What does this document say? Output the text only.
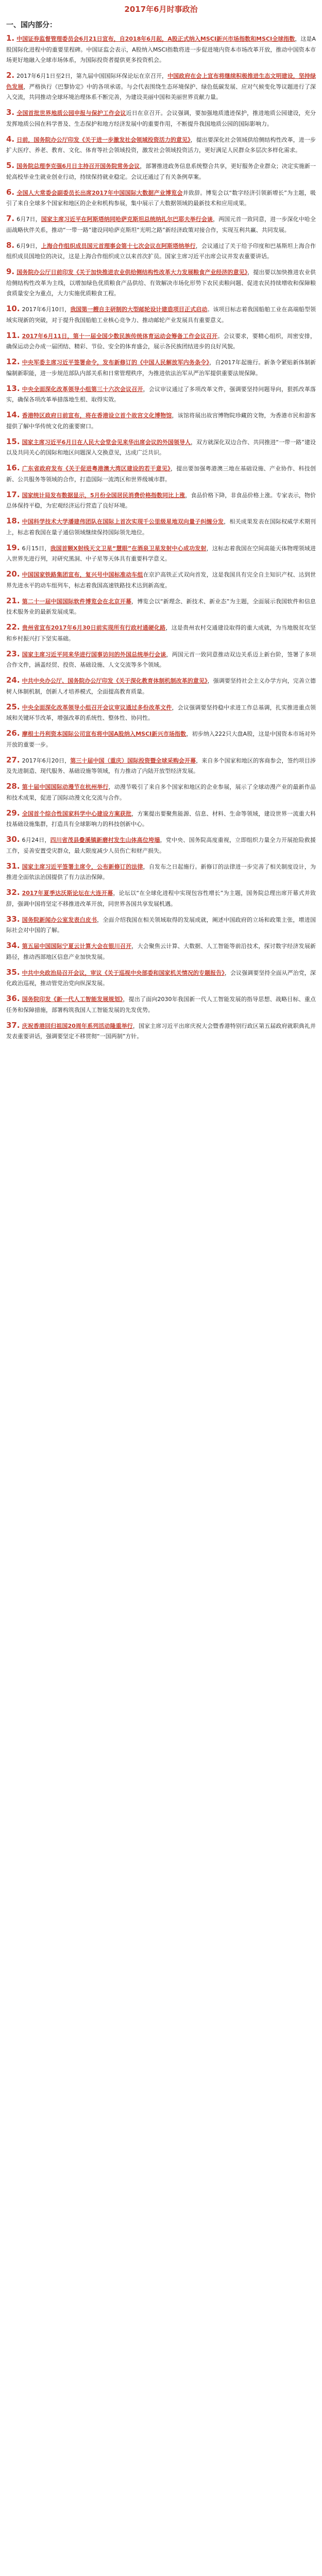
2017年6月时事政治
一、国内部分：

1. 中国证券监督管理委员会6月21日宣布，自2018年6月起，A股正式纳入MSCI新兴市场指数和MSCI全球指数，这是A股国际化进程中的重要里程碑。中国证监会表示，A股纳入MSCI指数将进一步促进境内资本市场改革开放，推动中国资本市场更好地融入全球市场体系，为国际投资者提供更多投资机会。

2. 2017年6月1日至2日，第九届中国国际环保论坛在京召开，中国政府在会上宣布将继续积极推进生态文明建设，坚持绿色发展，严格执行《巴黎协定》中的各项承诺。与会代表围绕生态环境保护、绿色低碳发展、应对气候变化等议题进行了深入交流，共同推动全球环境治理体系不断完善，为建设美丽中国和美丽世界贡献力量。

3. 全国首批世界地质公园申报与保护工作会议近日在京召开。会议强调，要加强地质遗迹保护，推进地质公园建设，充分发挥地质公园在科学普及、生态保护和地方经济发展中的重要作用，不断提升我国地质公园的国际影响力。

4. 日前，国务院办公厅印发《关于进一步激发社会领域投资活力的意见》，提出要深化社会领域供给侧结构性改革，进一步扩大医疗、养老、教育、文化、体育等社会领域投资，激发社会领域投资活力，更好满足人民群众多层次多样化需求。

5. 国务院总理李克强6月日主持召开国务院常务会议，部署推进政务信息系统整合共享，更好服务企业群众；决定实施新一轮高校毕业生就业创业行动，持续保持就业稳定。会议还通过了有关条例草案。

6. 全国人大常委会副委员长出席2017年中国国际大数据产业博览会并致辞。博览会以“数字经济引领新增长”为主题，吸引了来自全球多个国家和地区的企业和机构参展，集中展示了大数据领域的最新技术和应用成果。

7. 6月7日，国家主席习近平在阿斯塔纳同哈萨克斯坦总统纳扎尔巴耶夫举行会谈，两国元首一致同意，进一步深化中哈全面战略伙伴关系，推动“一带一路”建设同哈萨克斯坦“光明之路”新经济政策对接合作，实现互利共赢、共同发展。

8. 6月9日，上海合作组织成员国元首理事会第十七次会议在阿斯塔纳举行，会议通过了关于给予印度和巴基斯坦上海合作组织成员国地位的决议，这是上海合作组织成立以来首次扩员。国家主席习近平出席会议并发表重要讲话。

9. 国务院办公厅日前印发《关于加快推进农业供给侧结构性改革大力发展粮食产业经济的意见》，提出要以加快推进农业供给侧结构性改革为主线，以增加绿色优质粮食产品供给、有效解决市场化形势下农民卖粮问题、促进农民持续增收和保障粮食质量安全为重点，大力实施优质粮食工程。

10. 2017年6月10日，我国第一艘自主研制的大型邮轮设计建造项目正式启动。该项目标志着我国船舶工业在高端船型领域实现新的突破，对于提升我国船舶工业核心竞争力、推动邮轮产业发展具有重要意义。

11. 2017年6月11日，第十一届全国少数民族传统体育运动会筹备工作会议召开。会议要求，要精心组织，周密安排，确保运动会办成一届团结、精彩、节俭、安全的体育盛会，展示各民族团结进步的良好风貌。

12. 中央军委主席习近平签署命令，发布新修订的《中国人民解放军内务条令》，自2017年起施行。新条令紧贴新体制新编制新职能，进一步规范部队内部关系和日常管理秩序，为推进依法治军从严治军提供重要法规保障。

13. 中央全面深化改革领导小组第三十六次会议召开，会议审议通过了多项改革文件，强调要坚持问题导向，狠抓改革落实，确保各项改革举措落地生根、取得实效。

14. 香港特区政府日前宣布，将在香港设立首个故宫文化博物馆，该馆将展出故宫博物院珍藏的文物，为香港市民和游客提供了解中华传统文化的重要窗口。

15. 国家主席习近平6月日在人民大会堂会见来华出席会议的外国领导人，双方就深化双边合作、共同推进“一带一路”建设以及共同关心的国际和地区问题深入交换意见，达成广泛共识。

16. 广东省政府发布《关于促进粤港澳大湾区建设的若干意见》，提出要加强粤港澳三地在基础设施、产业协作、科技创新、公共服务等领域的合作，打造国际一流湾区和世界级城市群。

17. 国家统计局发布数据显示，5月份全国居民消费价格指数同比上涨，食品价格下降，非食品价格上涨。专家表示，物价总体保持平稳，为宏观经济运行营造了良好环境。

18. 中国科学技术大学潘建伟团队在国际上首次实现千公里级星地双向量子纠缠分发，相关成果发表在国际权威学术期刊上，标志着我国在量子通信领域继续保持国际领先地位。

19. 6月15日，我国首颗X射线天文卫星“慧眼”在酒泉卫星发射中心成功发射，这标志着我国在空间高能天体物理领域进入世界先进行列，对研究黑洞、中子星等天体具有重要科学意义。

20. 中国国家铁路集团宣布，复兴号中国标准动车组在京沪高铁正式双向首发，这是我国具有完全自主知识产权、达到世界先进水平的动车组列车，标志着我国高速铁路技术达到新高度。

21. 第二十一届中国国际软件博览会在北京开幕，博览会以“新理念、新技术、新业态”为主题，全面展示我国软件和信息技术服务业的最新发展成果。

22. 贵州省宣布2017年6月30日前实现所有行政村通硬化路，这是贵州农村交通建设取得的重大成就，为当地脱贫攻坚和乡村振兴打下坚实基础。

23. 国家主席习近平同来华进行国事访问的外国总统举行会谈，两国元首一致同意推动双边关系迈上新台阶，签署了多项合作文件，涵盖经贸、投资、基础设施、人文交流等多个领域。

24. 中共中央办公厅、国务院办公厅印发《关于深化教育体制机制改革的意见》，强调要坚持社会主义办学方向，完善立德树人体制机制，创新人才培养模式，全面提高教育质量。

25. 中央全面深化改革领导小组召开会议审议通过多份改革文件，会议强调要坚持稳中求进工作总基调，扎实推进重点领域和关键环节改革，增强改革的系统性、整体性、协同性。

26. 摩根士丹利资本国际公司宣布将中国A股纳入MSCI新兴市场指数，初步纳入222只大盘A股，这是中国资本市场对外开放的重要一步。

27. 2017年6月20日，第三十届中国（重庆）国际投资暨全球采购会开幕，来自多个国家和地区的客商参会，签约项目涉及先进制造、现代服务、基础设施等领域，有力推动了内陆开放型经济发展。

28. 第十届中国国际动漫节在杭州举行，动漫节吸引了来自多个国家和地区的企业参展，展示了全球动漫产业的最新作品和技术成果，促进了国际动漫文化交流与合作。

29. 全国首个综合性国家科学中心建设方案获批，方案提出要聚焦能源、信息、材料、生命等领域，建设世界一流重大科技基础设施集群，打造具有全球影响力的科技创新中心。

30. 6月24日，四川省茂县叠溪镇新磨村发生山体高位垮塌，党中央、国务院高度重视，立即组织力量全力开展抢险救援工作，妥善安置受灾群众，最大限度减少人员伤亡和财产损失。

31. 国家主席习近平签署主席令，公布新修订的法律，自发布之日起施行。新修订的法律进一步完善了相关制度设计，为推进全面依法治国提供了有力法治保障。

32. 2017年夏季达沃斯论坛在大连开幕，论坛以“在全球化进程中实现包容性增长”为主题，国务院总理出席开幕式并致辞，强调中国将坚定不移推进改革开放，同世界各国共享发展机遇。

33. 国务院新闻办公室发表白皮书，全面介绍我国在相关领域取得的发展成就，阐述中国政府的立场和政策主张，增进国际社会对中国的了解。

34. 第五届中国国际宁夏云计算大会在银川召开，大会聚焦云计算、大数据、人工智能等前沿技术，探讨数字经济发展新路径，推动西部地区信息产业加快发展。

35. 中共中央政治局召开会议，审议《关于巡视中央部委和国家机关情况的专题报告》，会议强调要坚持全面从严治党，深化政治巡视，推动管党治党向纵深发展。

36. 国务院印发《新一代人工智能发展规划》，提出了面向2030年我国新一代人工智能发展的指导思想、战略目标、重点任务和保障措施，部署构筑我国人工智能发展的先发优势。

37. 庆祝香港回归祖国20周年系列活动隆重举行，国家主席习近平出席庆祝大会暨香港特别行政区第五届政府就职典礼并发表重要讲话，强调要坚定不移贯彻“一国两制”方针。
